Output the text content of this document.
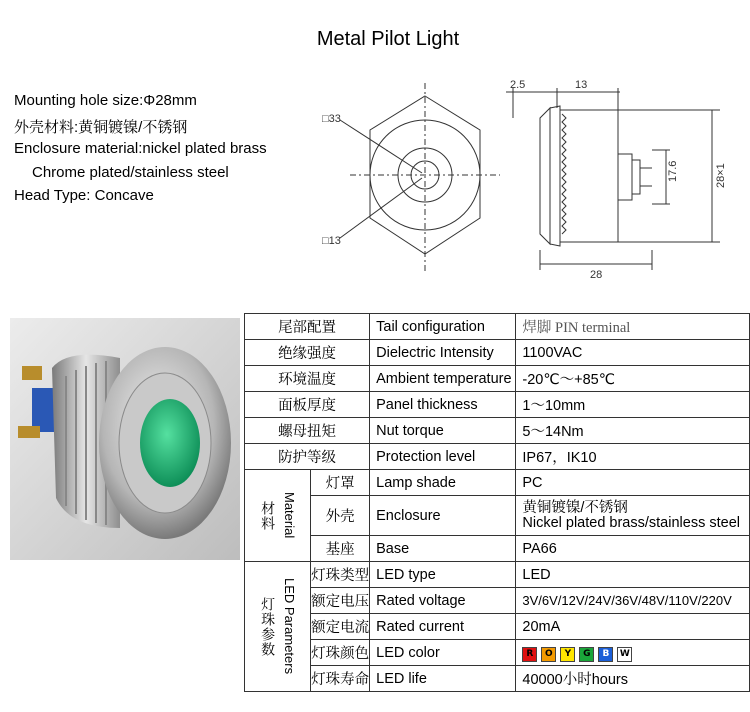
Metal Pilot Light
Mounting hole size:Φ28mm
外壳材料:黄铜镀镍/不锈钢
Enclosure material:nickel plated brass
Chrome plated/stainless steel
Head Type: Concave
2.5	13
□33
□13
17.6	28×1
28
尾部配置		Tail configuration	焊脚 PIN terminal
绝缘强度		Dielectric Intensity	1100VAC
环境温度		Ambient temperature	-20℃～+85℃
面板厚度		Panel thickness	1～10mm
螺母扭矩		Nut torque	5～14Nm
防护等级		Protection level	IP67，IK10

材料 Material	灯罩	Lamp shade	PC
	外壳	Enclosure	黄铜镀镍/不锈钢
Nickel plated brass/stainless steel

	基座	Base	PA66

灯珠参数 LED Parameters	灯珠类型	LED type	LED
	额定电压	Rated voltage	3V/6V/12V/24V/36V/48V/110V/220V
	额定电流	Rated current	20mA
	灯珠颜色	LED color	R O Y G B W
	灯珠寿命	LED life	40000小时hours
